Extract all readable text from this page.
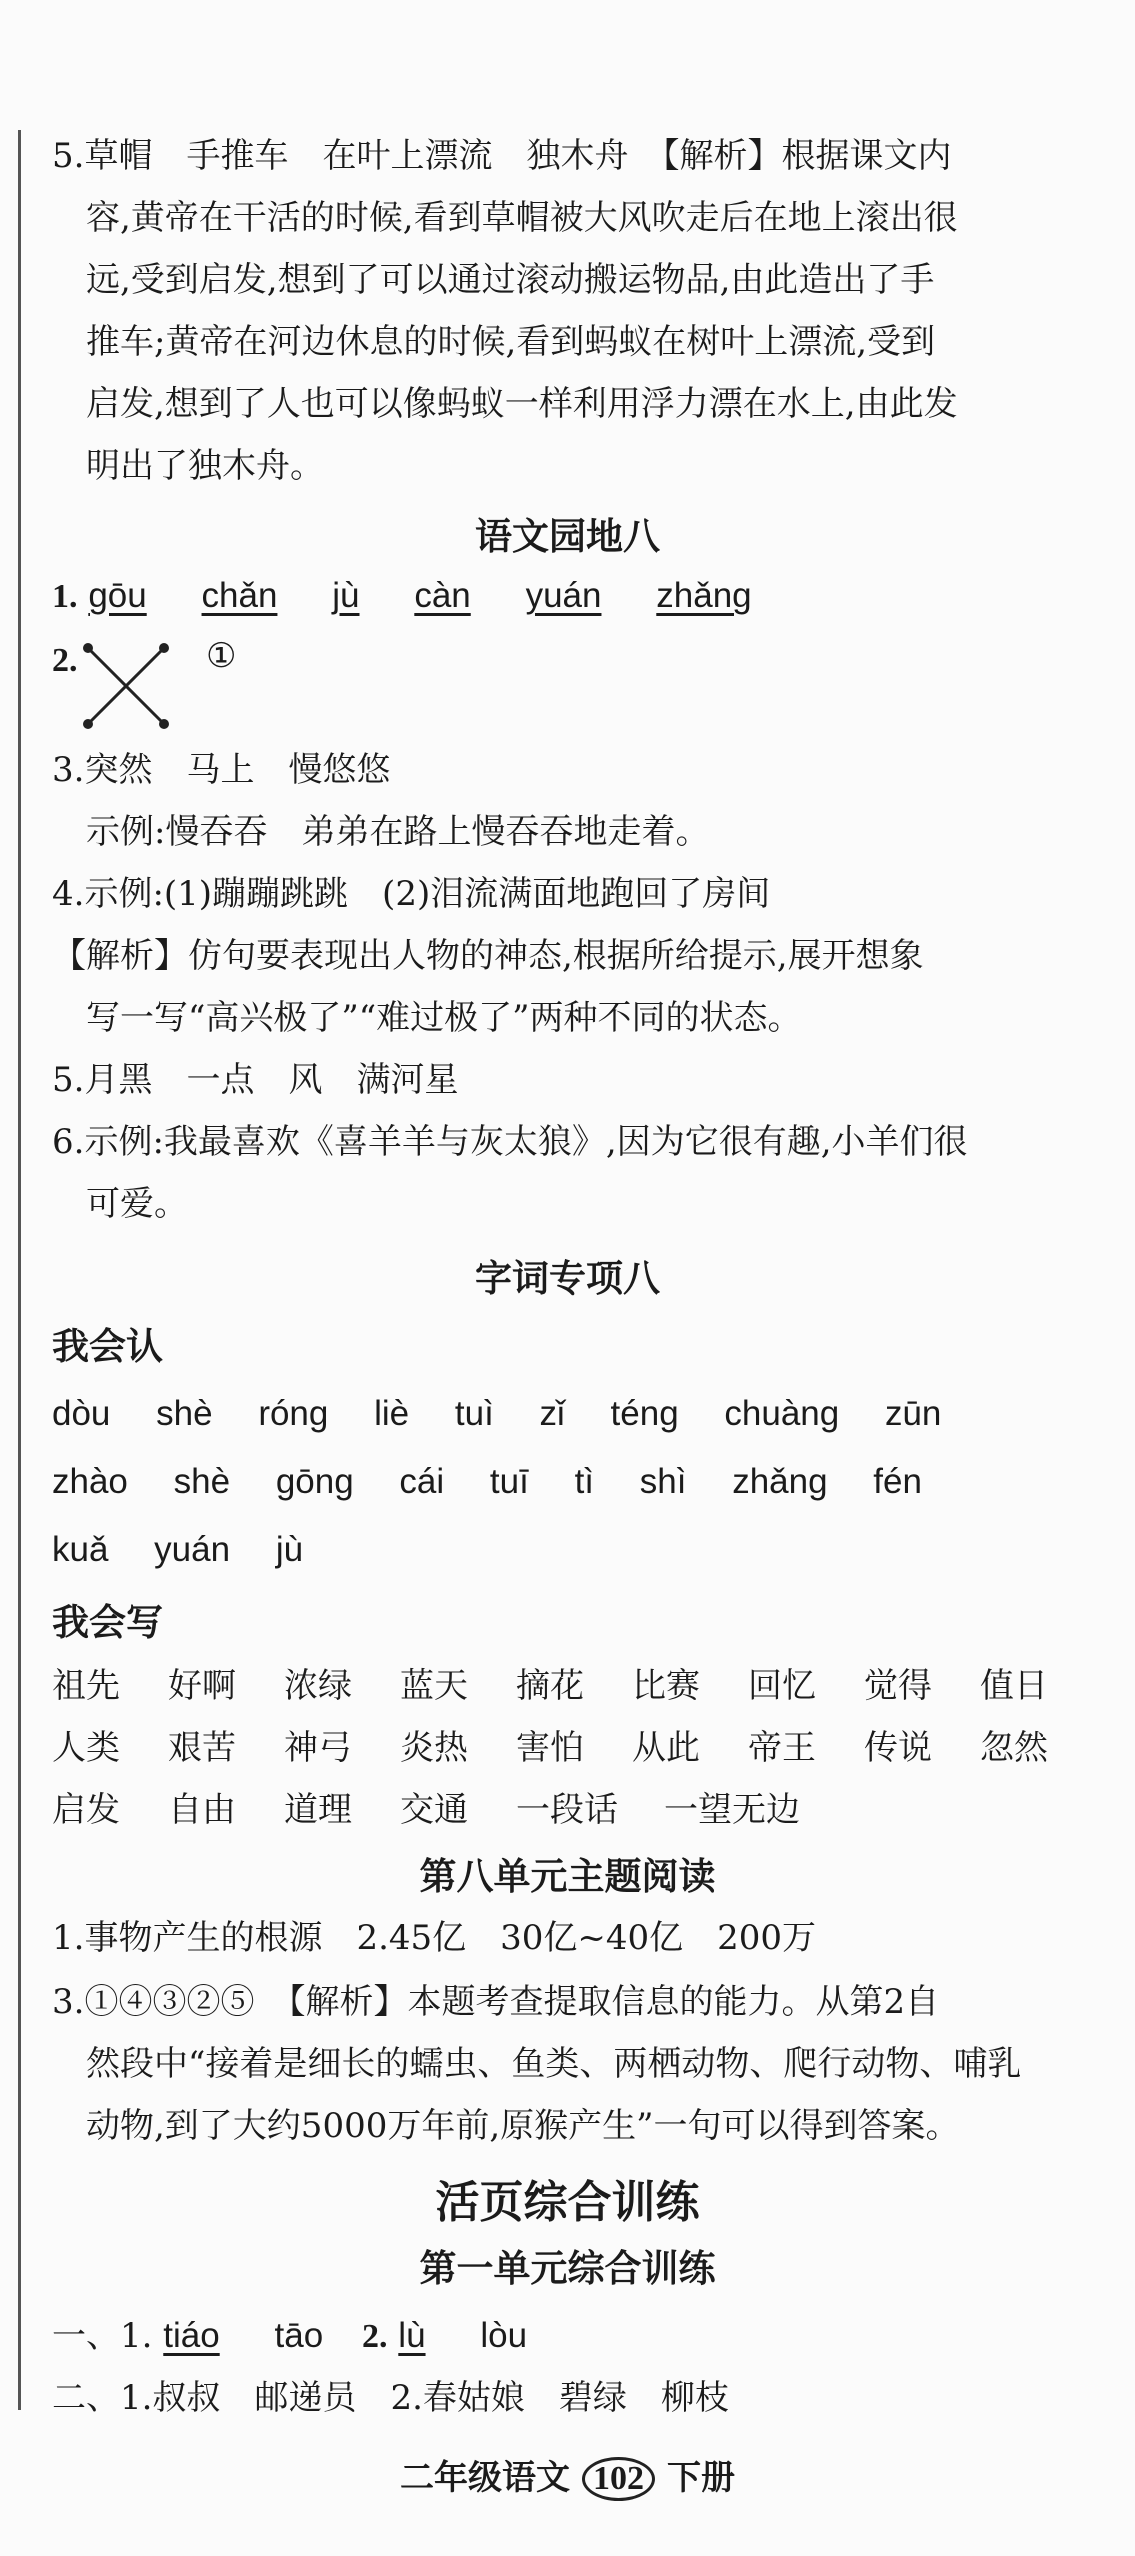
5.草帽　手推车　在叶上漂流　独木舟　【解析】根据课文内
容,黄帝在干活的时候,看到草帽被大风吹走后在地上滚出很
远,受到启发,想到了可以通过滚动搬运物品,由此造出了手
推车;黄帝在河边休息的时候,看到蚂蚁在树叶上漂流,受到
启发,想到了人也可以像蚂蚁一样利用浮力漂在水上,由此发
明出了独木舟。
语文园地八
1. gōu chǎn jù càn yuán zhǎng
2.	①
3.突然　马上　慢悠悠
示例:慢吞吞　弟弟在路上慢吞吞地走着。
4.示例:(1)蹦蹦跳跳　(2)泪流满面地跑回了房间
【解析】仿句要表现出人物的神态,根据所给提示,展开想象
写一写“高兴极了”“难过极了”两种不同的状态。
5.月黑　一点　风　满河星
6.示例:我最喜欢《喜羊羊与灰太狼》,因为它很有趣,小羊们很
可爱。
字词专项八
我会认
dòu shè róng liè tuì zǐ téng chuàng zūn
zhào shè gōng cái tuī tì shì zhǎng fén
kuǎ yuán jù
我会写
祖先 好啊 浓绿 蓝天 摘花 比赛 回忆 觉得 值日
人类 艰苦 神弓 炎热 害怕 从此 帝王 传说 忽然
启发 自由 道理 交通 一段话 一望无边
第八单元主题阅读
1.事物产生的根源　2.45亿　30亿~40亿　200万
3.①④③②⑤　【解析】本题考查提取信息的能力。从第2自
然段中“接着是细长的蠕虫、鱼类、两栖动物、爬行动物、哺乳
动物,到了大约5000万年前,原猴产生”一句可以得到答案。
活页综合训练
第一单元综合训练
一、1. tiáo tāo 2. lù lòu
二、1.叔叔　邮递员　2.春姑娘　碧绿　柳枝
二年级语文 102 下册
